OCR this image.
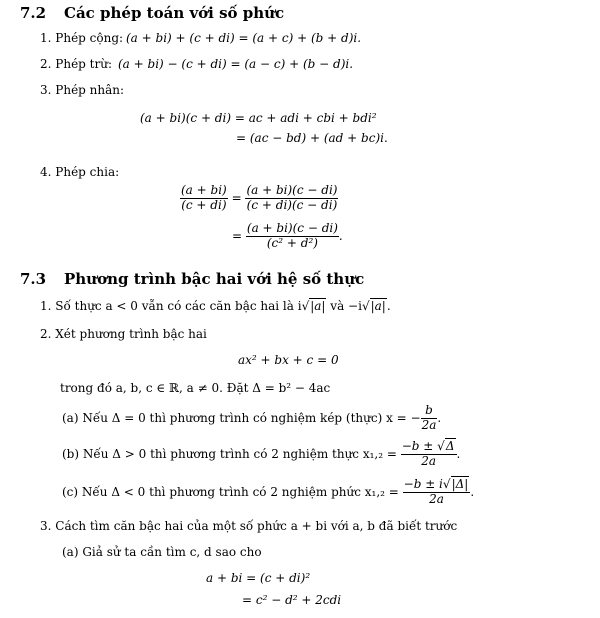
7.2 Các phép toán với số phức
1. Phép cộng: (a + bi) + (c + di) = (a + c) + (b + d)i.
2. Phép trừ: (a + bi) − (c + di) = (a − c) + (b − d)i.
3. Phép nhân:
(a + bi)(c + di) = ac + adi + cbi + bdi²
= (ac − bd) + (ad + bc)i.
4. Phép chia:
$\frac{(a + bi)}{(c + di)} = \frac{(a + bi)(c - di)}{(c + di)(c - di)}$
= $\frac{(a + bi)(c - di)}{\text{(c² + d²)}}$ .
7.3 Phương trình bậc hai với hệ số thực
1. Số thực a < 0 vẫn có các căn bậc hai là i√|a| và −i√|a|.
2. Xét phương trình bậc hai
ax² + bx + c = 0
trong đó a, b, c ∈ ℝ, a ≠ 0. Đặt Δ = b² − 4ac
(a) Nếu Δ = 0 thì phương trình có nghiệm kép (thực) x = − $\frac{b}{2a}$ .
(b) Nếu Δ > 0 thì phương trình có 2 nghiệm thực $x_1,_2 = \frac{-b \pm √\Delta}{2a}$ .
(c) Nếu Δ < 0 thì phương trình có 2 nghiệm phức $x_1,_2 = \frac{-b \pm i√|\Delta|}{2a}$ .
3. Cách tìm căn bậc hai của một số phức a + bi với a, b đã biết trước
(a) Giả sử ta cần tìm c, d sao cho
a + bi = (c + di)²
= c² − d² + 2cdi
